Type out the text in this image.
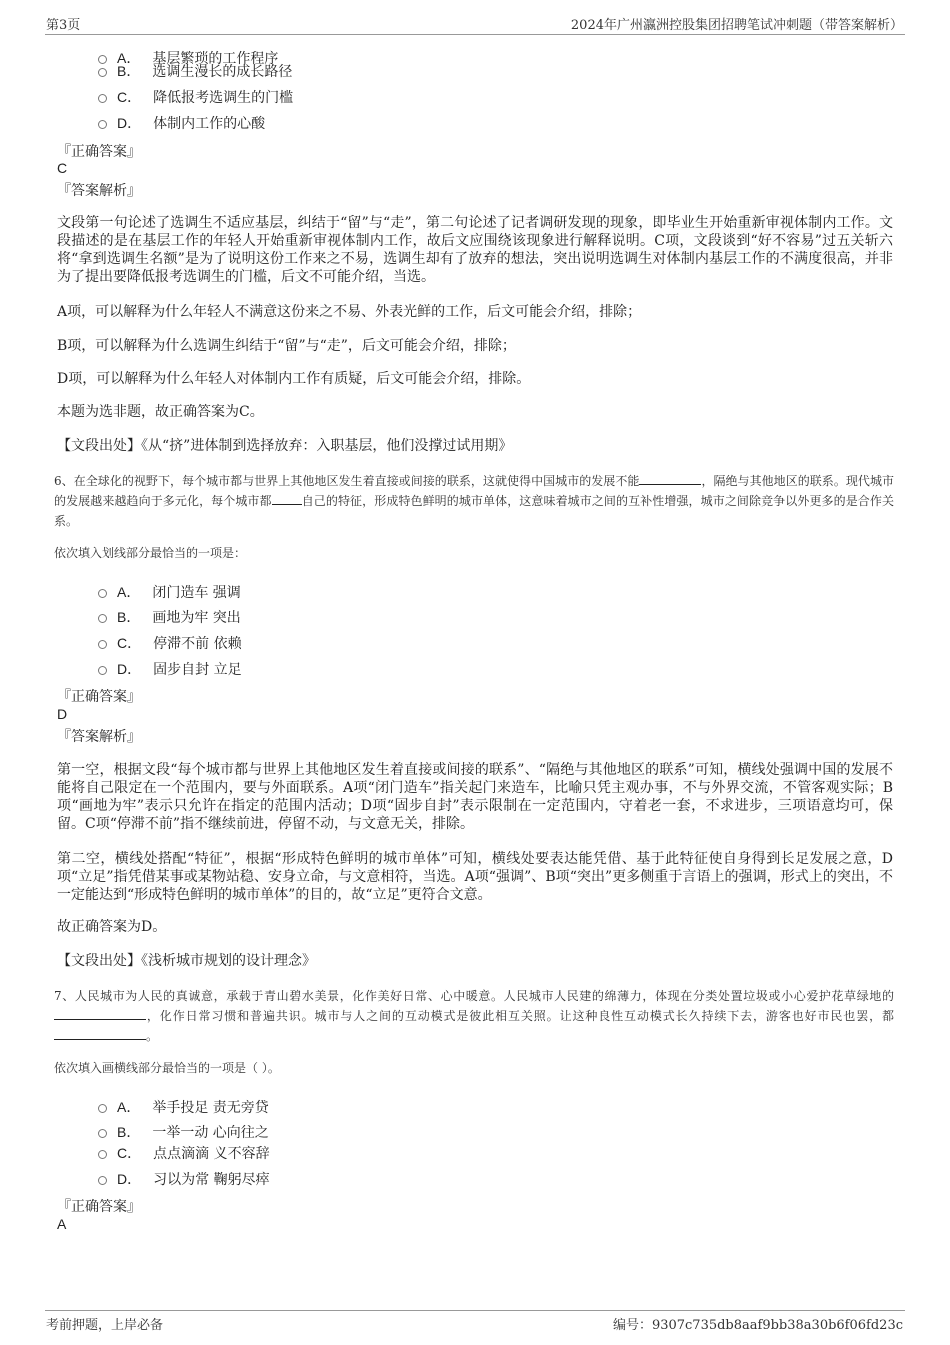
第3页	2024年广州瀛洲控股集团招聘笔试冲刺题（带答案解析）
A． 基层繁琐的工作程序
B． 选调生漫长的成长路径
C． 降低报考选调生的门槛
D． 体制内工作的心酸
『正确答案』
C
『答案解析』
文段第一句论述了选调生不适应基层，纠结于“留”与“走”，第二句论述了记者调研发现的现象，即毕业生开始重新审视体制内工作。文段描述的是在基层工作的年轻人开始重新审视体制内工作，故后文应围绕该现象进行解释说明。C项，文段谈到“好不容易”过五关斩六将“拿到选调生名额”是为了说明这份工作来之不易，选调生却有了放弃的想法，突出说明选调生对体制内基层工作的不满度很高，并非为了提出要降低报考选调生的门槛，后文不可能介绍，当选。
A项，可以解释为什么年轻人不满意这份来之不易、外表光鲜的工作，后文可能会介绍，排除；
B项，可以解释为什么选调生纠结于“留”与“走”，后文可能会介绍，排除；
D项，可以解释为什么年轻人对体制内工作有质疑，后文可能会介绍，排除。
本题为选非题，故正确答案为C。
【文段出处】《从“挤”进体制到选择放弃：入职基层，他们没撑过试用期》
6、在全球化的视野下，每个城市都与世界上其他地区发生着直接或间接的联系，这就使得中国城市的发展不能	，隔绝与其他地区的联系。现代城市的发展越来越趋向于多元化，每个城市都	自己的特征，形成特色鲜明的城市单体，这意味着城市之间的互补性增强，城市之间除竞争以外更多的是合作关系。
依次填入划线部分最恰当的一项是：
A． 闭门造车 强调
B． 画地为牢 突出
C． 停滞不前 依赖
D． 固步自封 立足
『正确答案』
D
『答案解析』
第一空，根据文段“每个城市都与世界上其他地区发生着直接或间接的联系”、“隔绝与其他地区的联系”可知，横线处强调中国的发展不能将自己限定在一个范围内，要与外面联系。A项“闭门造车”指关起门来造车，比喻只凭主观办事，不与外界交流，不管客观实际；B项“画地为牢”表示只允许在指定的范围内活动；D项“固步自封”表示限制在一定范围内，守着老一套，不求进步，三项语意均可，保留。C项“停滞不前”指不继续前进，停留不动，与文意无关，排除。
第二空，横线处搭配“特征”，根据“形成特色鲜明的城市单体”可知，横线处要表达能凭借、基于此特征使自身得到长足发展之意，D项“立足”指凭借某事或某物站稳、安身立命，与文意相符，当选。A项“强调”、B项“突出”更多侧重于言语上的强调，形式上的突出，不一定能达到“形成特色鲜明的城市单体”的目的，故“立足”更符合文意。
故正确答案为D。
【文段出处】《浅析城市规划的设计理念》
7、人民城市为人民的真诚意，承载于青山碧水美景，化作美好日常、心中暖意。人民城市人民建的绵薄力，体现在分类处置垃圾或小心爱护花草绿地的，化作日常习惯和普遍共识。城市与人之间的互动模式是彼此相互关照。让这种良性互动模式长久持续下去，游客也好市民也罢，都。
依次填入画横线部分最恰当的一项是（ ）。
A． 举手投足 责无旁贷
B． 一举一动 心向往之
C． 点点滴滴 义不容辞
D． 习以为常 鞠躬尽瘁
『正确答案』
A
考前押题，上岸必备	编号：9307c735db8aaf9bb38a30b6f06fd23c
